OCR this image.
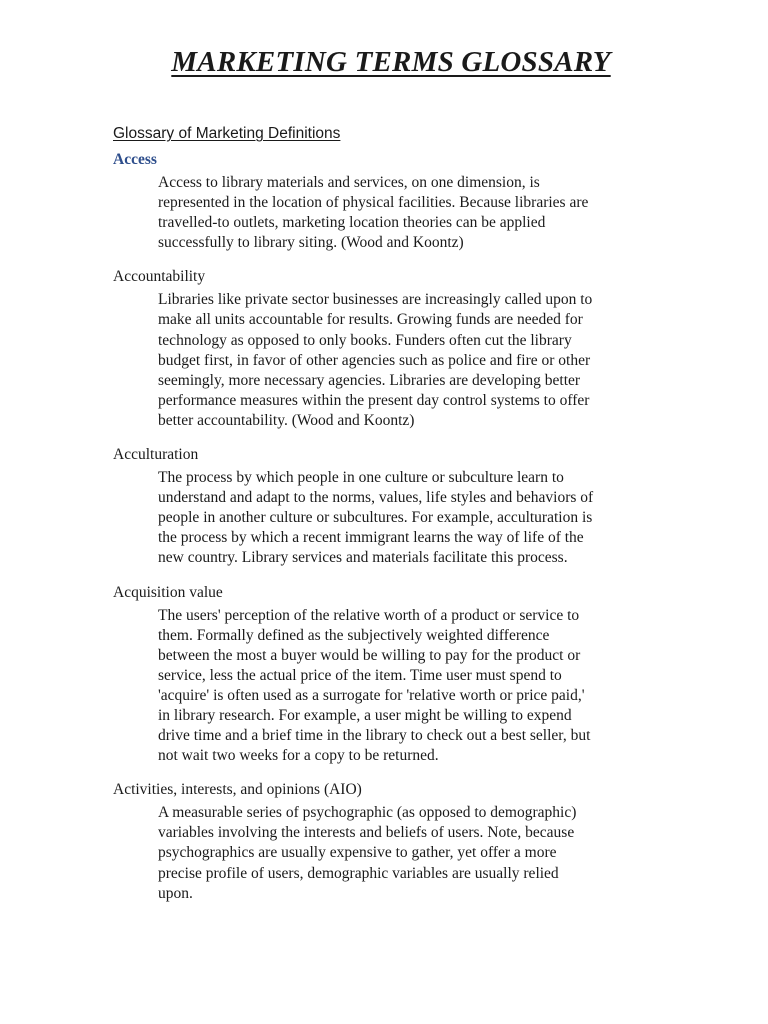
MARKETING TERMS GLOSSARY

Glossary of Marketing Definitions

Access

Access to library materials and services, on one dimension, is
represented in the location of physical facilities. Because libraries are
travelled-to outlets, marketing location theories can be applied
successfully to library siting. (Wood and Koontz)

Accountability

Libraries like private sector businesses are increasingly called upon to
make all units accountable for results. Growing funds are needed for
technology as opposed to only books. Funders often cut the library
budget first, in favor of other agencies such as police and fire or other
seemingly, more necessary agencies. Libraries are developing better
performance measures within the present day control systems to offer
better accountability. (Wood and Koontz)

Acculturation

The process by which people in one culture or subculture learn to
understand and adapt to the norms, values, life styles and behaviors of
people in another culture or subcultures. For example, acculturation is
the process by which a recent immigrant learns the way of life of the
new country. Library services and materials facilitate this process.

Acquisition value

The users' perception of the relative worth of a product or service to
them. Formally defined as the subjectively weighted difference
between the most a buyer would be willing to pay for the product or
service, less the actual price of the item. Time user must spend to
'acquire' is often used as a surrogate for 'relative worth or price paid,'
in library research. For example, a user might be willing to expend
drive time and a brief time in the library to check out a best seller, but
not wait two weeks for a copy to be returned.

Activities, interests, and opinions (AIO)

A measurable series of psychographic (as opposed to demographic)
variables involving the interests and beliefs of users. Note, because
psychographics are usually expensive to gather, yet offer a more
precise profile of users, demographic variables are usually relied
upon.
